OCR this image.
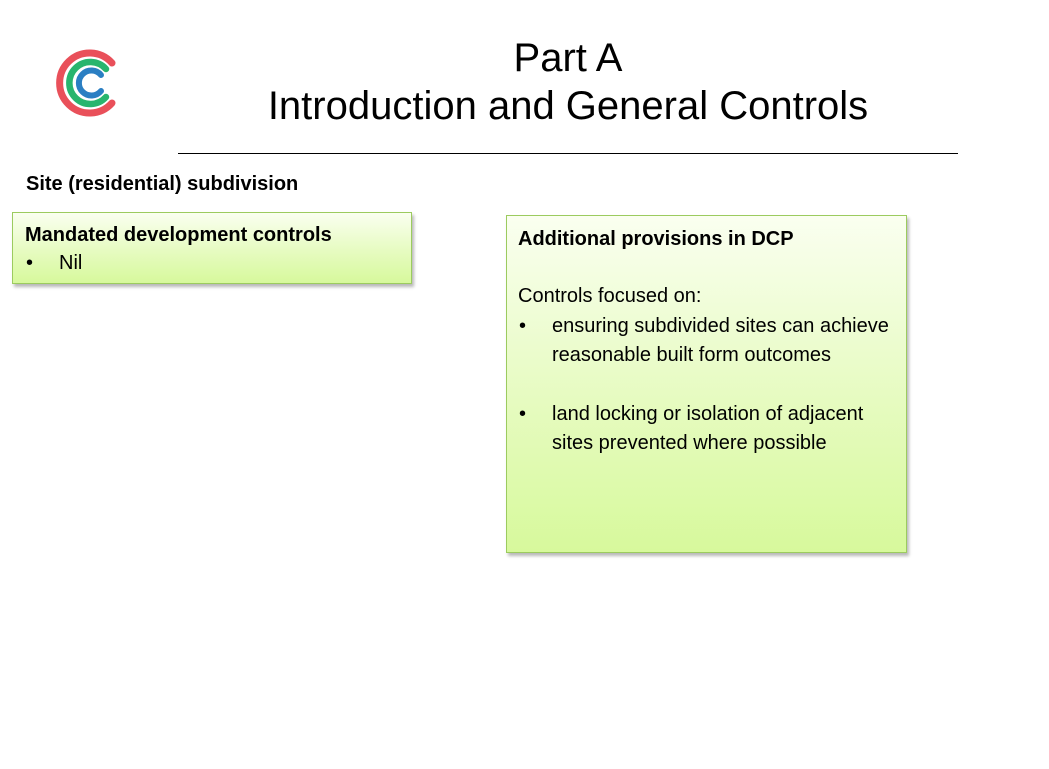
Part A
Introduction and General Controls
Site (residential) subdivision

Mandated development controls

• Nil

Additional provisions in DCP

Controls focused on:

• ensuring subdivided sites can achieve reasonable built form outcomes
• land locking or isolation of adjacent sites prevented where possible
